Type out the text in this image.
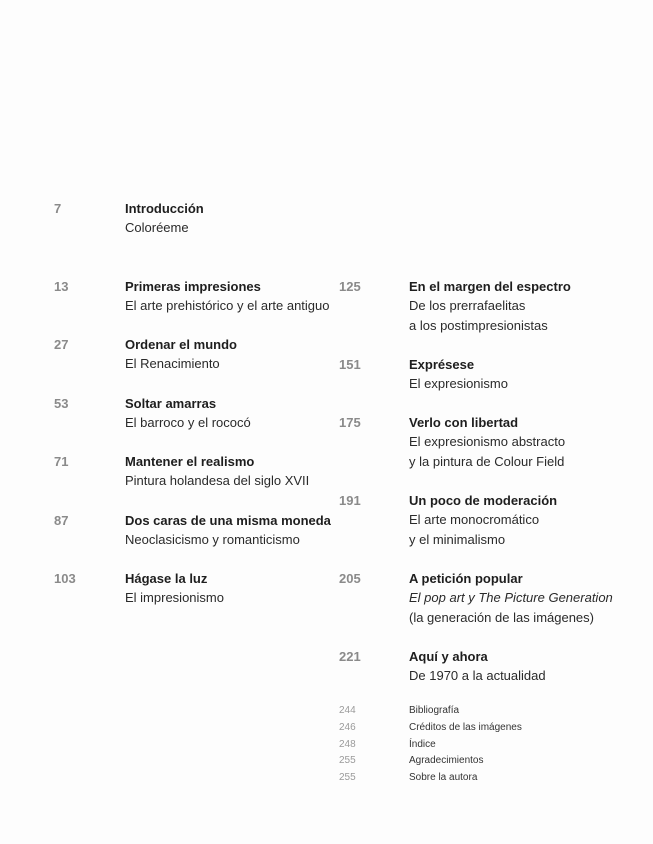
7	Introducción
Coloréeme
13	Primeras impresiones
El arte prehistórico y el arte antiguo
27	Ordenar el mundo
El Renacimiento
53	Soltar amarras
El barroco y el rococó
71	Mantener el realismo
Pintura holandesa del siglo XVII
87	Dos caras de una misma moneda
Neoclasicismo y romanticismo
103	Hágase la luz
El impresionismo
125	En el margen del espectro
De los prerrafaelitas
a los postimpresionistas
151	Exprésese
El expresionismo
175	Verlo con libertad
El expresionismo abstracto
y la pintura de Colour Field
191	Un poco de moderación
El arte monocromático
y el minimalismo
205	A petición popular
El pop art y The Picture Generation
(la generación de las imágenes)
221	Aquí y ahora
De 1970 a la actualidad
244	Bibliografía
246	Créditos de las imágenes
248	Índice
255	Agradecimientos
255	Sobre la autora
